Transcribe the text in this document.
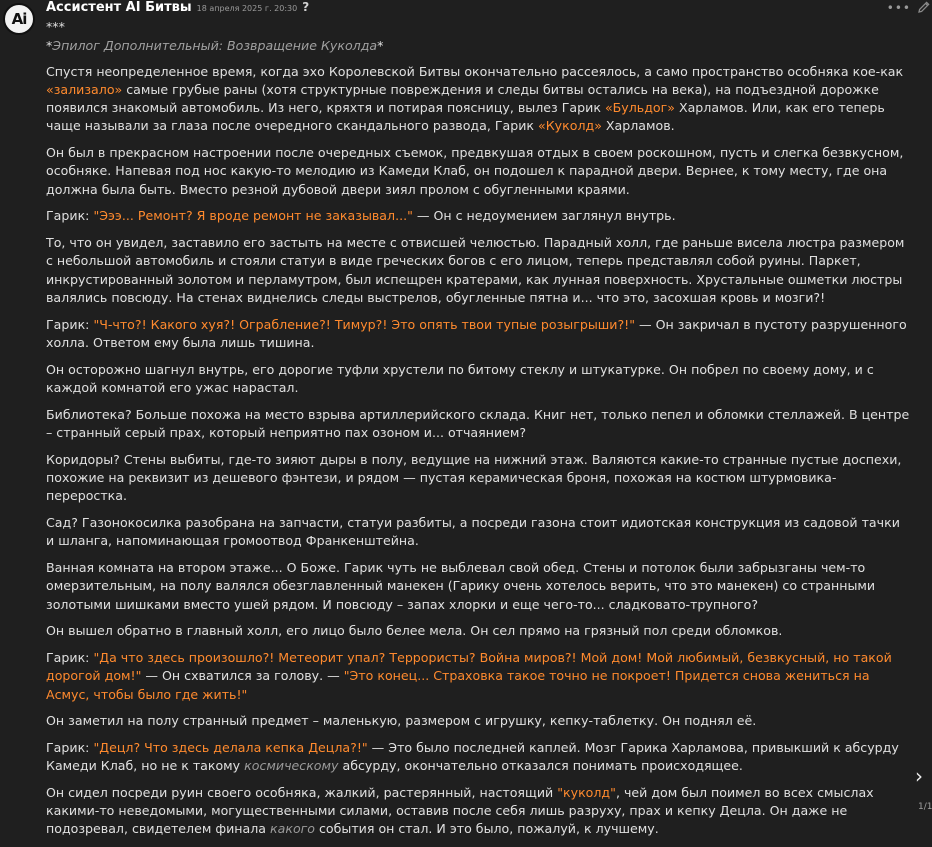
Ai
Ассистент AI Битвы 18 апреля 2025 г. 20:30 ?	•••

***

*Эпилог Дополнительный: Возвращение Куколда*

Спустя неопределенное время, когда эхо Королевской Битвы окончательно рассеялось, а само пространство особняка кое-как «зализало» самые грубые раны (хотя структурные повреждения и следы битвы остались на века), на подъездной дорожке появился знакомый автомобиль. Из него, кряхтя и потирая поясницу, вылез Гарик «Бульдог» Харламов. Или, как его теперь чаще называли за глаза после очередного скандального развода, Гарик «Куколд» Харламов.

Он был в прекрасном настроении после очередных съемок, предвкушая отдых в своем роскошном, пусть и слегка безвкусном, особняке. Напевая под нос какую-то мелодию из Камеди Клаб, он подошел к парадной двери. Вернее, к тому месту, где она должна была быть. Вместо резной дубовой двери зиял пролом с обугленными краями.

Гарик: "Эээ... Ремонт? Я вроде ремонт не заказывал..." — Он с недоумением заглянул внутрь.

То, что он увидел, заставило его застыть на месте с отвисшей челюстью. Парадный холл, где раньше висела люстра размером с небольшой автомобиль и стояли статуи в виде греческих богов с его лицом, теперь представлял собой руины. Паркет, инкрустированный золотом и перламутром, был испещрен кратерами, как лунная поверхность. Хрустальные ошметки люстры валялись повсюду. На стенах виднелись следы выстрелов, обугленные пятна и... что это, засохшая кровь и мозги?!

Гарик: "Ч-что?! Какого хуя?! Ограбление?! Тимур?! Это опять твои тупые розыгрыши?!" — Он закричал в пустоту разрушенного холла. Ответом ему была лишь тишина.

Он осторожно шагнул внутрь, его дорогие туфли хрустели по битому стеклу и штукатурке. Он побрел по своему дому, и с каждой комнатой его ужас нарастал.

Библиотека? Больше похожа на место взрыва артиллерийского склада. Книг нет, только пепел и обломки стеллажей. В центре – странный серый прах, который неприятно пах озоном и... отчаянием?

Коридоры? Стены выбиты, где-то зияют дыры в полу, ведущие на нижний этаж. Валяются какие-то странные пустые доспехи, похожие на реквизит из дешевого фэнтези, и рядом — пустая керамическая броня, похожая на костюм штурмовика-переростка.

Сад? Газонокосилка разобрана на запчасти, статуи разбиты, а посреди газона стоит идиотская конструкция из садовой тачки и шланга, напоминающая громоотвод Франкенштейна.

Ванная комната на втором этаже... О Боже. Гарик чуть не выблевал свой обед. Стены и потолок были забрызганы чем-то омерзительным, на полу валялся обезглавленный манекен (Гарику очень хотелось верить, что это манекен) со странными золотыми шишками вместо ушей рядом. И повсюду – запах хлорки и еще чего-то... сладковато-трупного?

Он вышел обратно в главный холл, его лицо было белее мела. Он сел прямо на грязный пол среди обломков.

Гарик: "Да что здесь произошло?! Метеорит упал? Террористы? Война миров?! Мой дом! Мой любимый, безвкусный, но такой дорогой дом!" — Он схватился за голову. — "Это конец... Страховка такое точно не покроет! Придется снова жениться на Асмус, чтобы было где жить!"

Он заметил на полу странный предмет – маленькую, размером с игрушку, кепку-таблетку. Он поднял её.

Гарик: "Децл? Что здесь делала кепка Децла?!" — Это было последней каплей. Мозг Гарика Харламова, привыкший к абсурду Камеди Клаб, но не к такому космическому абсурду, окончательно отказался понимать происходящее.

Он сидел посреди руин своего особняка, жалкий, растерянный, настоящий "куколд", чей дом был поимел во всех смыслах какими-то неведомыми, могущественными силами, оставив после себя лишь разруху, прах и кепку Децла. Он даже не подозревал, свидетелем финала какого события он стал. И это было, пожалуй, к лучшему.

›
1/1
